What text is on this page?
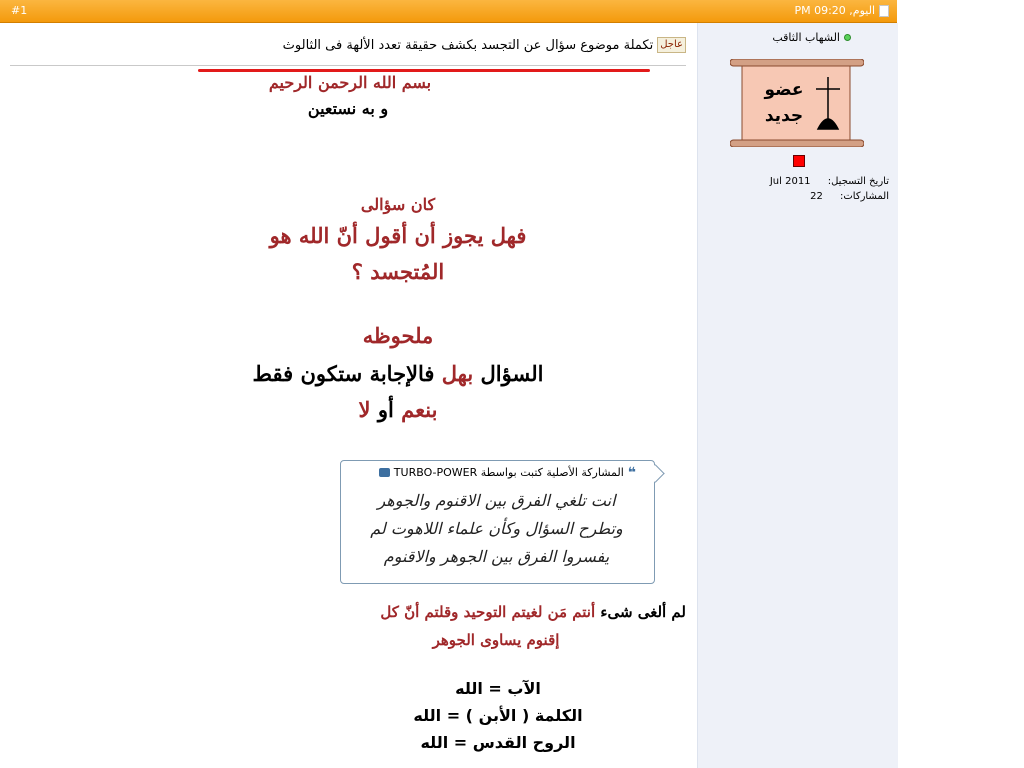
#1	اليوم, 09:20 PM
الشهاب الثاقب
عضو
جديد
تاريخ التسجيل: Jul 2011
المشاركات: 22
عاجل
تكملة موضوع سؤال عن التجسد بكشف حقيقة تعدد الألهة فى الثالوث
بسم الله الرحمن الرحيم
و به نستعين
كان سؤالى
فهل يجوز أن أقول أنّ الله هو
المُتجسد ؟
ملحوظه
السؤال بهل فالإجابة ستكون فقط
بنعم أو لا
❝
المشاركة الأصلية كتبت بواسطة TURBO-POWER
انت تلغي الفرق بين الاقنوم والجوهر
وتطرح السؤال وكأن علماء اللاهوت لم
يفسروا الفرق بين الجوهر والاقنوم
لم ألغى شىء أنتم مَن لغيتم التوحيد وقلتم أنّ كل
إقنوم يساوى الجوهر
الآب = الله
الكلمة ( الأبن ) = الله
الروح القدس = الله
